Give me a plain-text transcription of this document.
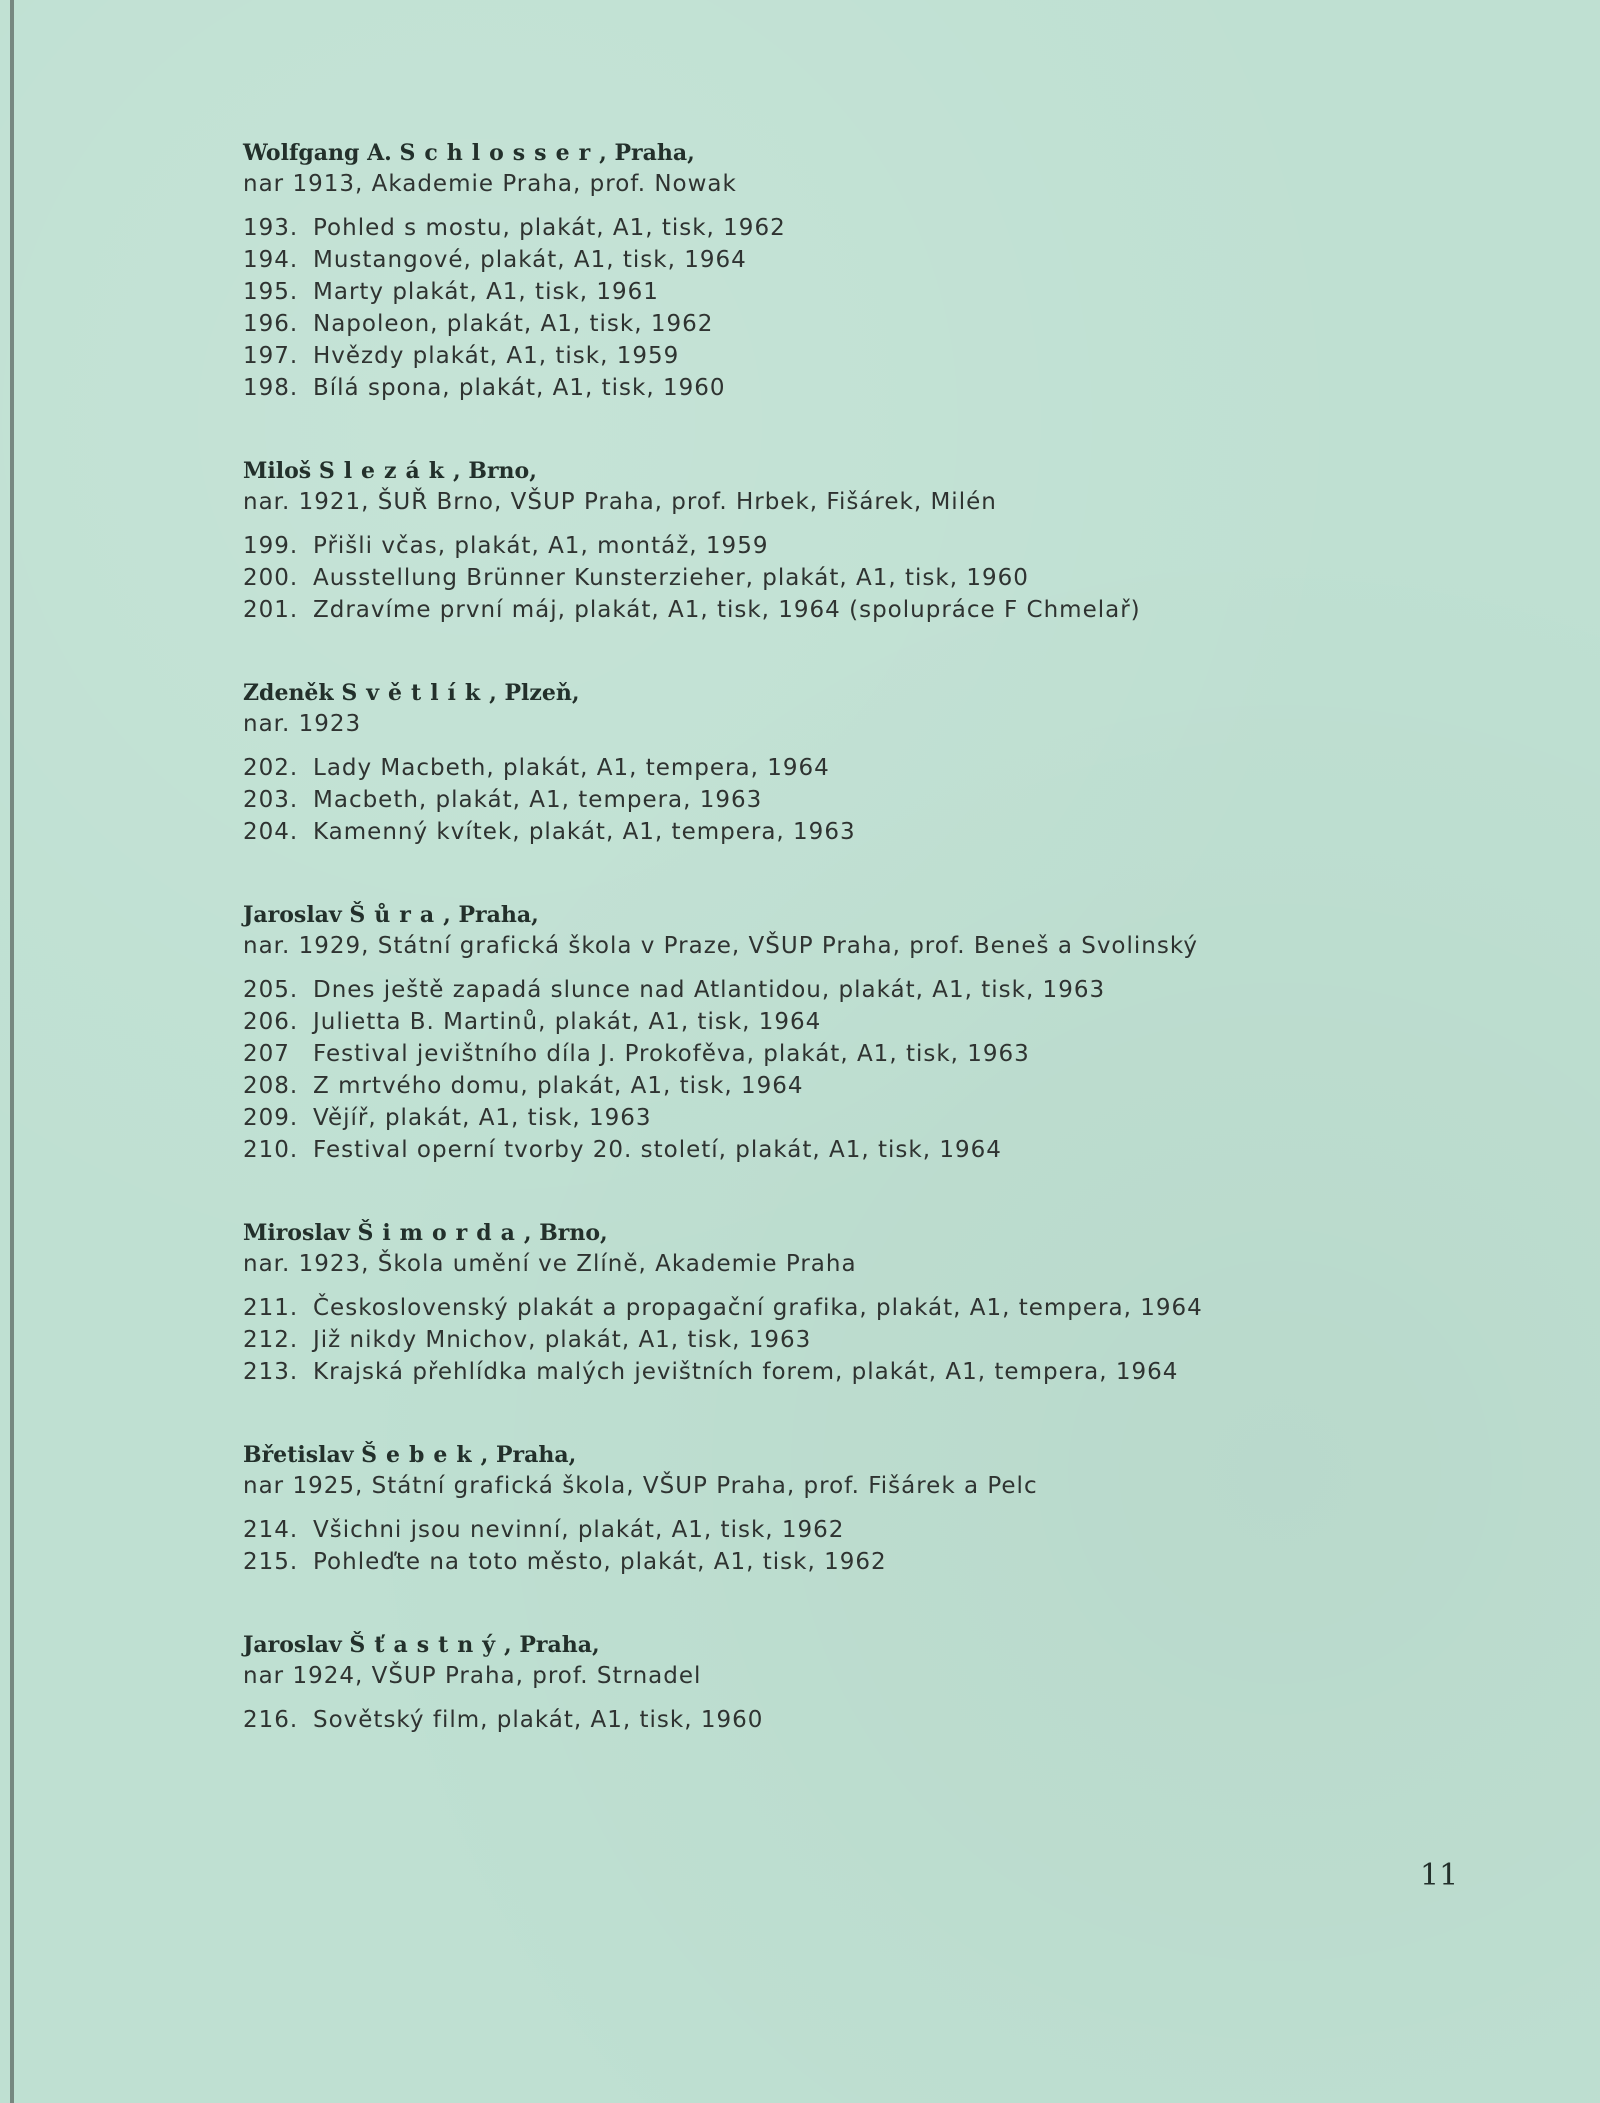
Wolfgang A. Schlosser, Praha,
nar 1913, Akademie Praha, prof. Nowak
193. Pohled s mostu, plakát, A1, tisk, 1962
194. Mustangové, plakát, A1, tisk, 1964
195. Marty plakát, A1, tisk, 1961
196. Napoleon, plakát, A1, tisk, 1962
197. Hvězdy plakát, A1, tisk, 1959
198. Bílá spona, plakát, A1, tisk, 1960
Miloš Slezák, Brno,
nar. 1921, ŠUŘ Brno, VŠUP Praha, prof. Hrbek, Fišárek, Milén
199. Přišli včas, plakát, A1, montáž, 1959
200. Ausstellung Brünner Kunsterzieher, plakát, A1, tisk, 1960
201. Zdravíme první máj, plakát, A1, tisk, 1964 (spolupráce F Chmelař)
Zdeněk Světlík, Plzeň,
nar. 1923
202. Lady Macbeth, plakát, A1, tempera, 1964
203. Macbeth, plakát, A1, tempera, 1963
204. Kamenný kvítek, plakát, A1, tempera, 1963
Jaroslav Šůra, Praha,
nar. 1929, Státní grafická škola v Praze, VŠUP Praha, prof. Beneš a Svolinský
205. Dnes ještě zapadá slunce nad Atlantidou, plakát, A1, tisk, 1963
206. Julietta B. Martinů, plakát, A1, tisk, 1964
207 Festival jevištního díla J. Prokofěva, plakát, A1, tisk, 1963
208. Z mrtvého domu, plakát, A1, tisk, 1964
209. Vějíř, plakát, A1, tisk, 1963
210. Festival operní tvorby 20. století, plakát, A1, tisk, 1964
Miroslav Šimorda, Brno,
nar. 1923, Škola umění ve Zlíně, Akademie Praha
211. Československý plakát a propagační grafika, plakát, A1, tempera, 1964
212. Již nikdy Mnichov, plakát, A1, tisk, 1963
213. Krajská přehlídka malých jevištních forem, plakát, A1, tempera, 1964
Břetislav Šebek, Praha,
nar 1925, Státní grafická škola, VŠUP Praha, prof. Fišárek a Pelc
214. Všichni jsou nevinní, plakát, A1, tisk, 1962
215. Pohleďte na toto město, plakát, A1, tisk, 1962
Jaroslav Šťastný, Praha,
nar 1924, VŠUP Praha, prof. Strnadel
216. Sovětský film, plakát, A1, tisk, 1960
11
